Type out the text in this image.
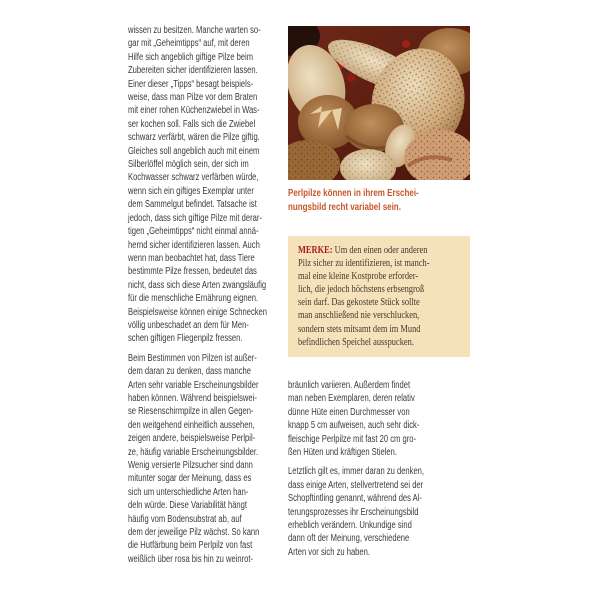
wissen zu besitzen. Manche warten so-
gar mit „Geheimtipps“ auf, mit deren
Hilfe sich angeblich giftige Pilze beim
Zubereiten sicher identifizieren lassen.
Einer dieser „Tipps“ besagt beispiels-
weise, dass man Pilze vor dem Braten
mit einer rohen Küchenzwiebel in Was-
ser kochen soll. Falls sich die Zwiebel
schwarz verfärbt, wären die Pilze giftig.
Gleiches soll angeblich auch mit einem
Silberlöffel möglich sein, der sich im
Kochwasser schwarz verfärben würde,
wenn sich ein giftiges Exemplar unter
dem Sammelgut befindet. Tatsache ist
jedoch, dass sich giftige Pilze mit derar-
tigen „Geheimtipps“ nicht einmal annä-
hernd sicher identifizieren lassen. Auch
wenn man beobachtet hat, dass Tiere
bestimmte Pilze fressen, bedeutet das
nicht, dass sich diese Arten zwangsläufig
für die menschliche Ernährung eignen.
Beispielsweise können einige Schnecken
völlig unbeschadet an dem für Men-
schen giftigen Fliegenpilz fressen.
Beim Bestimmen von Pilzen ist außer-
dem daran zu denken, dass manche
Arten sehr variable Erscheinungsbilder
haben können. Während beispielswei-
se Riesenschirmpilze in allen Gegen-
den weitgehend einheitlich aussehen,
zeigen andere, beispielsweise Perlpil-
ze, häufig variable Erscheinungsbilder.
Wenig versierte Pilzsucher sind dann
mitunter sogar der Meinung, dass es
sich um unterschiedliche Arten han-
deln würde. Diese Variabilität hängt
häufig vom Bodensubstrat ab, auf
dem der jeweilige Pilz wächst. So kann
die Hutfärbung beim Perlpilz von fast
weißlich über rosa bis hin zu weinrot-
Perlpilze können in ihrem Erschei-
nungsbild recht variabel sein.
MERKE: Um den einen oder anderen
Pilz sicher zu identifizieren, ist manch-
mal eine kleine Kostprobe erforder-
lich, die jedoch höchstens erbsengroß
sein darf. Das gekostete Stück sollte
man anschließend nie verschlucken,
sondern stets mitsamt dem im Mund
befindlichen Speichel ausspucken.
bräunlich variieren. Außerdem findet
man neben Exemplaren, deren relativ
dünne Hüte einen Durchmesser von
knapp 5 cm aufweisen, auch sehr dick-
fleischige Perlpilze mit fast 20 cm gro-
ßen Hüten und kräftigen Stielen.
Letztlich gilt es, immer daran zu denken,
dass einige Arten, stellvertretend sei der
Schopftintling genannt, während des Al-
terungsprozesses ihr Erscheinungsbild
erheblich verändern. Unkundige sind
dann oft der Meinung, verschiedene
Arten vor sich zu haben.
